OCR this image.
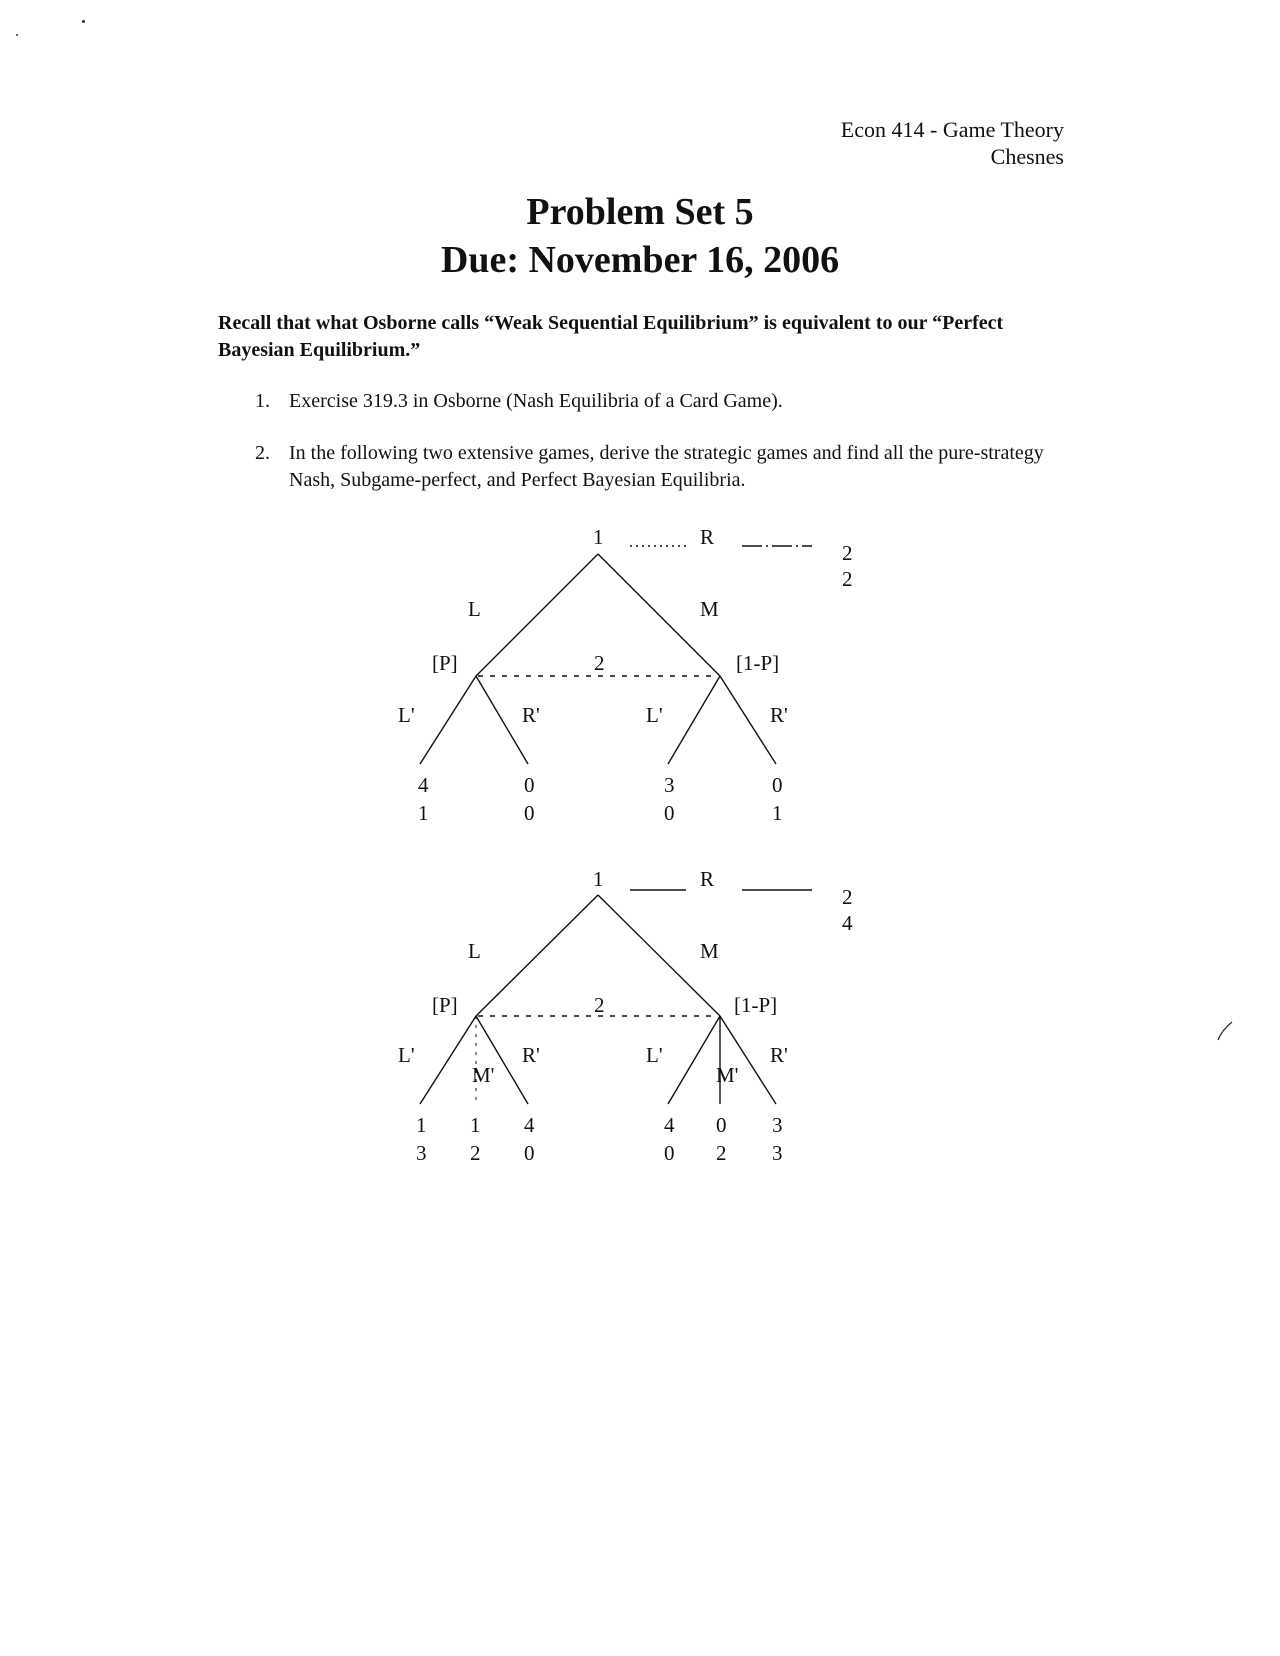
Econ 414 - Game Theory
Chesnes
Problem Set 5
Due: November 16, 2006
Recall that what Osborne calls “Weak Sequential Equilibrium” is equivalent to our “Perfect Bayesian Equilibrium.”
1. Exercise 319.3 in Osborne (Nash Equilibria of a Card Game).
2. In the following two extensive games, derive the strategic games and find all the pure-strategy Nash, Subgame-perfect, and Perfect Bayesian Equilibria.
1	R
2
2
L	M
[P]	2	[1-P]
L'	R'	L'	R'
4
1
0
0
3
0
0
1
1	R
2
4
L	M
[P]	2	[1-P]
L'
M'
R'	L'
M'
R'
1
3
1
2
4
0
4
0
0
2
3
3
